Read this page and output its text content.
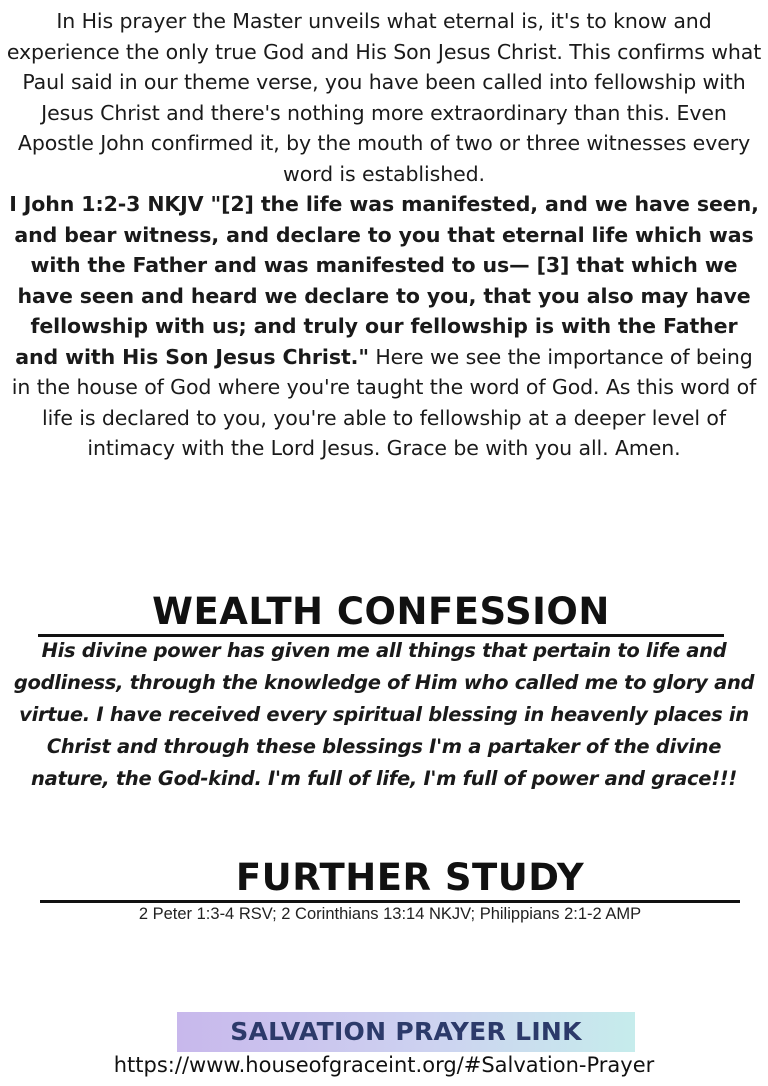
In His prayer the Master unveils what eternal is, it's to know and experience the only true God and His Son Jesus Christ. This confirms what Paul said in our theme verse, you have been called into fellowship with Jesus Christ and there's nothing more extraordinary than this. Even Apostle John confirmed it, by the mouth of two or three witnesses every word is established.
I John 1:2-3 NKJV "[2] the life was manifested, and we have seen, and bear witness, and declare to you that eternal life which was with the Father and was manifested to us— [3] that which we have seen and heard we declare to you, that you also may have fellowship with us; and truly our fellowship is with the Father and with His Son Jesus Christ." Here we see the importance of being in the house of God where you're taught the word of God. As this word of life is declared to you, you're able to fellowship at a deeper level of intimacy with the Lord Jesus. Grace be with you all. Amen.

WEALTH CONFESSION

His divine power has given me all things that pertain to life and godliness, through the knowledge of Him who called me to glory and virtue. I have received every spiritual blessing in heavenly places in Christ and through these blessings I'm a partaker of the divine nature, the God-kind. I'm full of life, I'm full of power and grace!!!

FURTHER STUDY
2 Peter 1:3-4 RSV; 2 Corinthians 13:14 NKJV; Philippians 2:1-2 AMP
SALVATION PRAYER LINK
https://www.houseofgraceint.org/#Salvation-Prayer
